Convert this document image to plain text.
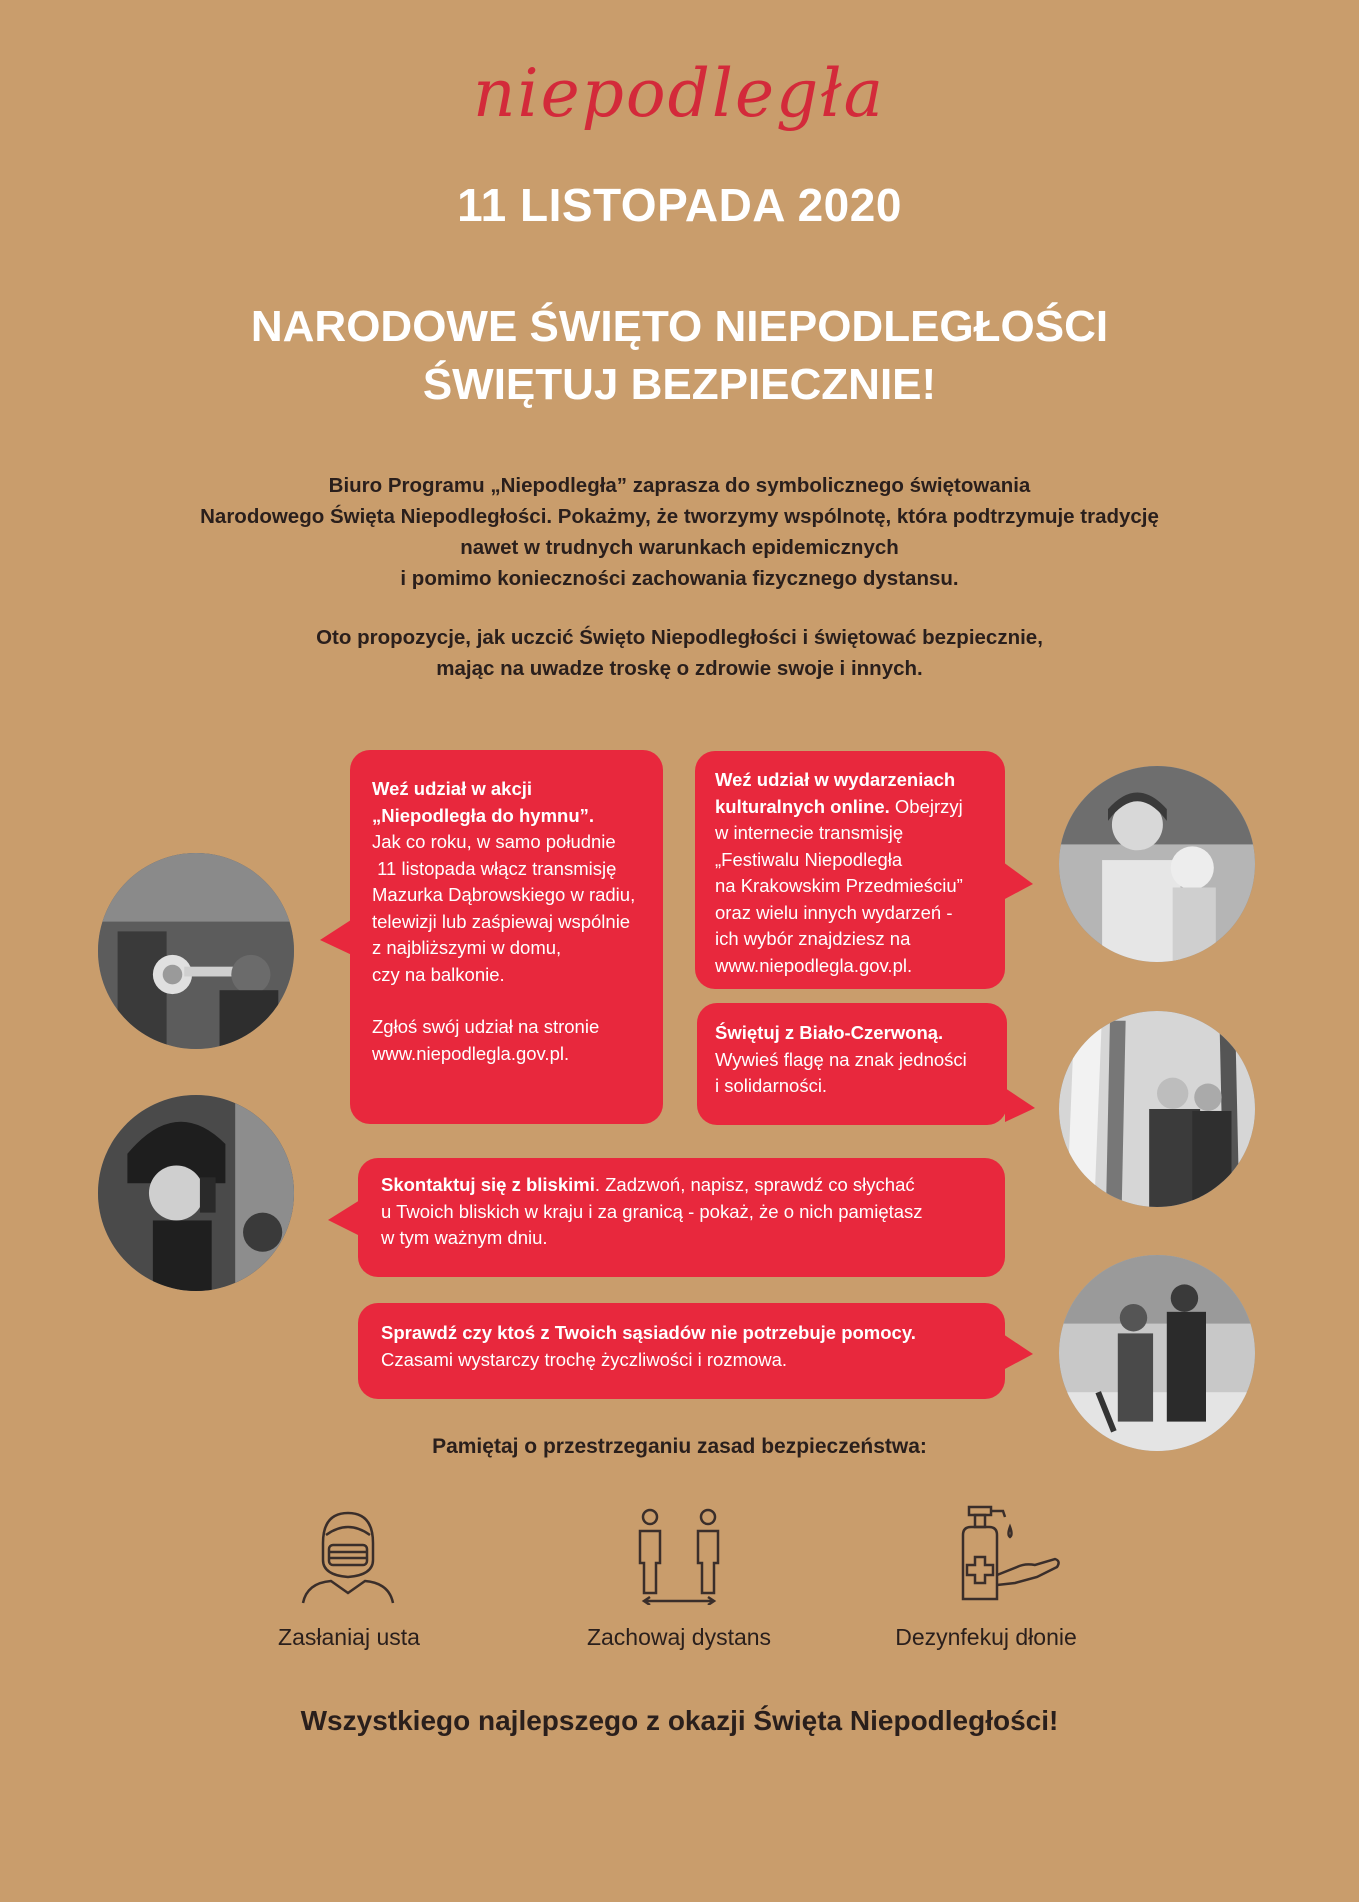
niepodległa
11 LISTOPADA 2020
NARODOWE ŚWIĘTO NIEPODLEGŁOŚCI
ŚWIĘTUJ BEZPIECZNIE!
Biuro Programu „Niepodległa” zaprasza do symbolicznego świętowania
Narodowego Święta Niepodległości. Pokażmy, że tworzymy wspólnotę, która podtrzymuje tradycję
nawet w trudnych warunkach epidemicznych
i pomimo konieczności zachowania fizycznego dystansu.
Oto propozycje, jak uczcić Święto Niepodległości i świętować bezpiecznie,
mając na uwadze troskę o zdrowie swoje i innych.
Weź udział w akcji
„Niepodległa do hymnu”.
Jak co roku, w samo południe
11 listopada włącz transmisję
Mazurka Dąbrowskiego w radiu,
telewizji lub zaśpiewaj wspólnie
z najbliższymi w domu,
czy na balkonie.
Zgłoś swój udział na stronie
www.niepodlegla.gov.pl.
Weź udział w wydarzeniach
kulturalnych online. Obejrzyj
w internecie transmisję
„Festiwalu Niepodległa
na Krakowskim Przedmieściu”
oraz wielu innych wydarzeń -
ich wybór znajdziesz na
www.niepodlegla.gov.pl.
Świętuj z Biało-Czerwoną.
Wywieś flagę na znak jedności
i solidarności.
Skontaktuj się z bliskimi. Zadzwoń, napisz, sprawdź co słychać
u Twoich bliskich w kraju i za granicą - pokaż, że o nich pamiętasz
w tym ważnym dniu.
Sprawdź czy ktoś z Twoich sąsiadów nie potrzebuje pomocy.
Czasami wystarczy trochę życzliwości i rozmowa.
Pamiętaj o przestrzeganiu zasad bezpieczeństwa:
Zasłaniaj usta	Zachowaj dystans	Dezynfekuj dłonie
Wszystkiego najlepszego z okazji Święta Niepodległości!
